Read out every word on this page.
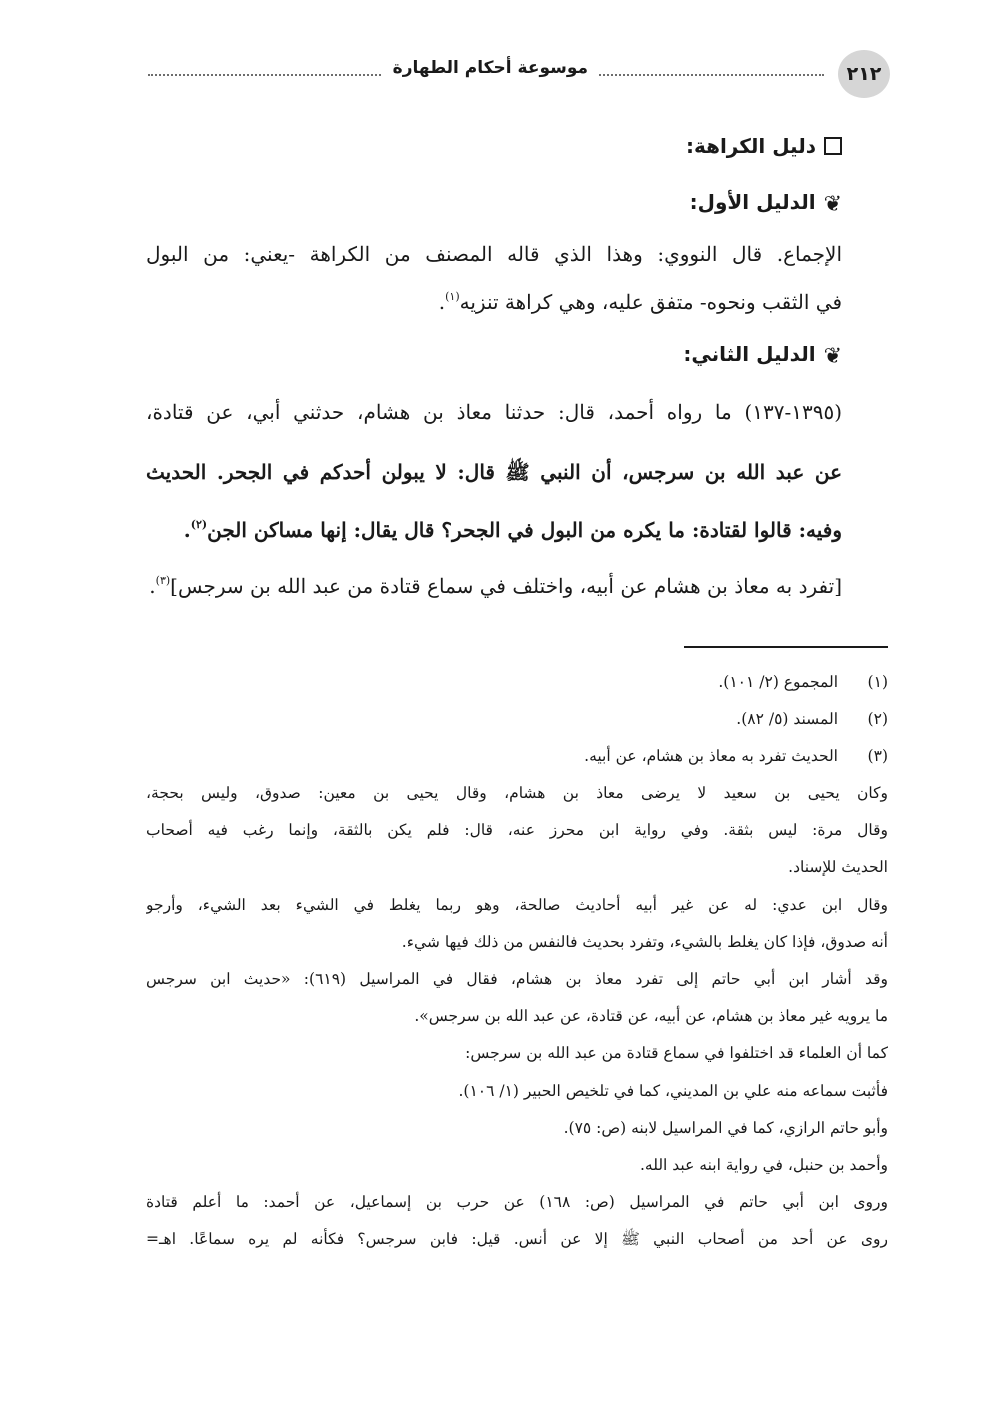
موسوعة أحكام الطهارة	٢١٢
دليل الكراهة:
❦الدليل الأول:
الإجماع. قال النووي: وهذا الذي قاله المصنف من الكراهة -يعني: من البول
في الثقب ونحوه- متفق عليه، وهي كراهة تنزيه$^{(١)}$.
❦الدليل الثاني:
(١٣٩٥-١٣٧) ما رواه أحمد، قال: حدثنا معاذ بن هشام، حدثني أبي، عن قتادة،
عن عبد الله بن سرجس، أن النبي ﷺ قال: لا يبولن أحدكم في الجحر. الحديث
وفيه: قالوا لقتادة: ما يكره من البول في الجحر؟ قال يقال: إنها مساكن الجن$^{(٢)}$.
[تفرد به معاذ بن هشام عن أبيه، واختلف في سماع قتادة من عبد الله بن سرجس]$^{(٣)}$.
(١)
المجموع (٢/ ١٠١).
(٢)
المسند (٥/ ٨٢).
(٣)
الحديث تفرد به معاذ بن هشام، عن أبيه.
وكان يحيى بن سعيد لا يرضى معاذ بن هشام، وقال يحيى بن معين: صدوق، وليس بحجة،
وقال مرة: ليس بثقة. وفي رواية ابن محرز عنه، قال: فلم يكن بالثقة، وإنما رغب فيه أصحاب
الحديث للإسناد.
وقال ابن عدي: له عن غير أبيه أحاديث صالحة، وهو ربما يغلط في الشيء بعد الشيء، وأرجو
أنه صدوق، فإذا كان يغلط بالشيء، وتفرد بحديث فالنفس من ذلك فيها شيء.
وقد أشار ابن أبي حاتم إلى تفرد معاذ بن هشام، فقال في المراسيل (٦١٩): «حديث ابن سرجس
ما يرويه غير معاذ بن هشام، عن أبيه، عن قتادة، عن عبد الله بن سرجس».
كما أن العلماء قد اختلفوا في سماع قتادة من عبد الله بن سرجس:
فأثبت سماعه منه علي بن المديني، كما في تلخيص الحبير (١/ ١٠٦).
وأبو حاتم الرازي، كما في المراسيل لابنه (ص: ٧٥).
وأحمد بن حنبل، في رواية ابنه عبد الله.
وروى ابن أبي حاتم في المراسيل (ص: ١٦٨) عن حرب بن إسماعيل، عن أحمد: ما أعلم قتادة
روى عن أحد من أصحاب النبي ﷺ إلا عن أنس. قيل: فابن سرجس؟ فكأنه لم يره سماعًا. اهـ=
